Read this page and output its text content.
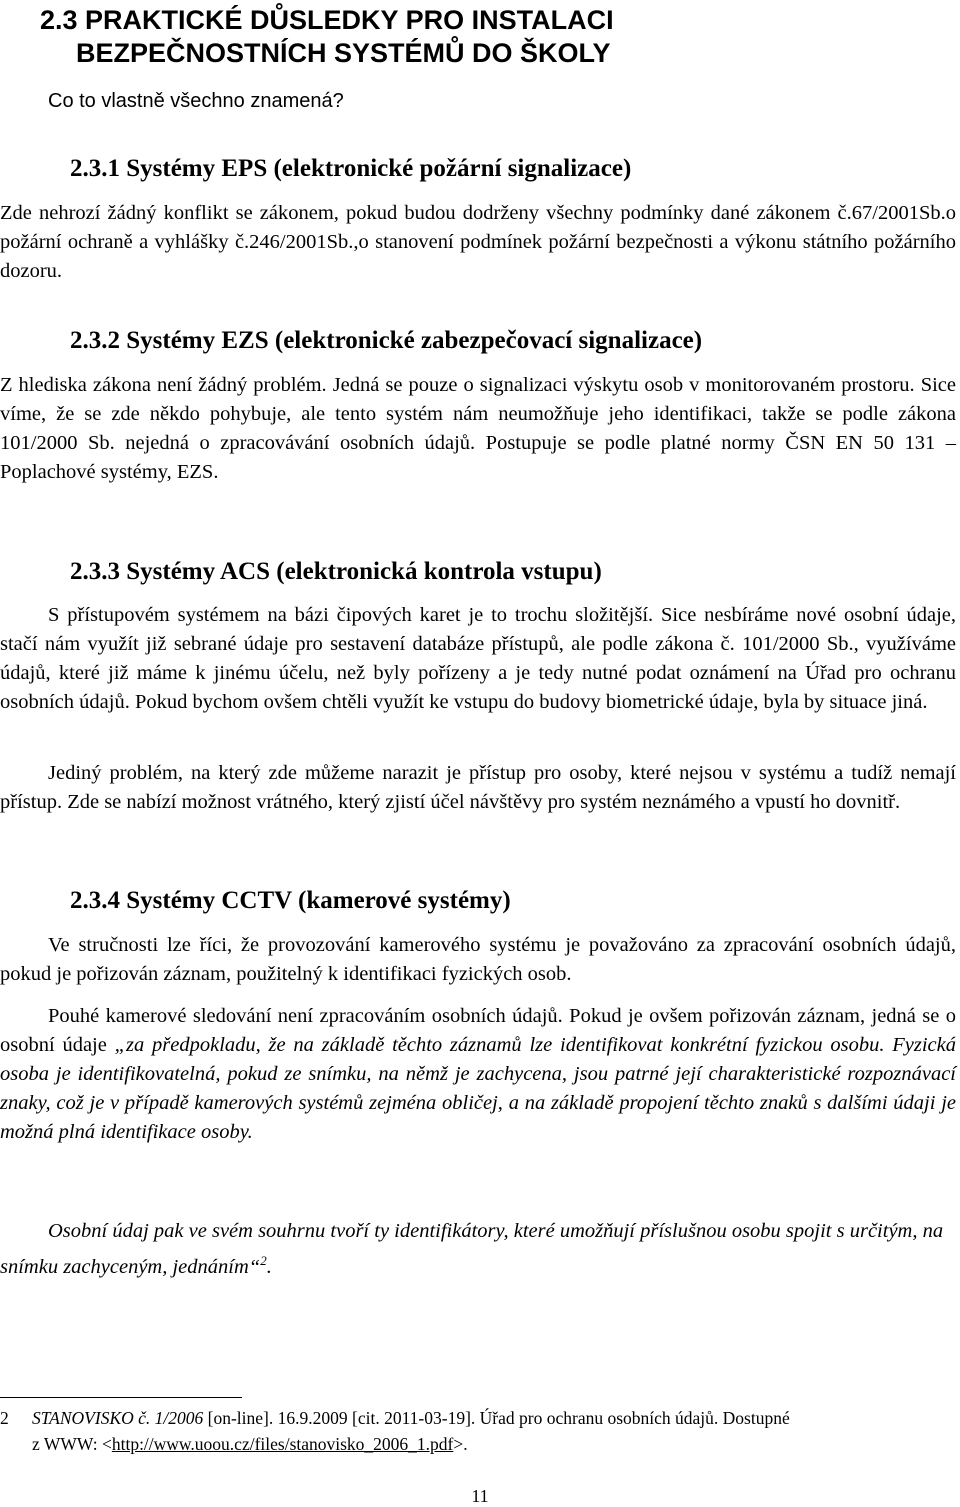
2.3 PRAKTICKÉ DŮSLEDKY PRO INSTALACI
BEZPEČNOSTNÍCH SYSTÉMŮ DO ŠKOLY

Co to vlastně všechno znamená?

2.3.1 Systémy EPS (elektronické požární signalizace)

Zde nehrozí žádný konflikt se zákonem, pokud budou dodrženy všechny podmínky dané zákonem č.67/2001Sb.o požární ochraně a vyhlášky č.246/2001Sb.,o stanovení podmínek požární bezpečnosti a výkonu státního požárního dozoru.

2.3.2 Systémy EZS (elektronické zabezpečovací signalizace)

Z hlediska zákona není žádný problém. Jedná se pouze o signalizaci výskytu osob v monitorovaném prostoru. Sice víme, že se zde někdo pohybuje, ale tento systém nám neumožňuje jeho identifikaci, takže se podle zákona 101/2000 Sb. nejedná o zpracovávání osobních údajů. Postupuje se podle platné normy ČSN EN 50 131 – Poplachové systémy, EZS.

2.3.3 Systémy ACS (elektronická kontrola vstupu)

S přístupovém systémem na bázi čipových karet je to trochu složitější. Sice nesbíráme nové osobní údaje, stačí nám využít již sebrané údaje pro sestavení databáze přístupů, ale podle zákona č. 101/2000 Sb., využíváme údajů, které již máme k jinému účelu, než byly pořízeny a je tedy nutné podat oznámení na Úřad pro ochranu osobních údajů. Pokud bychom ovšem chtěli využít ke vstupu do budovy biometrické údaje, byla by situace jiná.

Jediný problém, na který zde můžeme narazit je přístup pro osoby, které nejsou v systému a tudíž nemají přístup. Zde se nabízí možnost vrátného, který zjistí účel návštěvy pro systém neznámého a vpustí ho dovnitř.

2.3.4 Systémy CCTV (kamerové systémy)

Ve stručnosti lze říci, že provozování kamerového systému je považováno za zpracování osobních údajů, pokud je pořizován záznam, použitelný k identifikaci fyzických osob.

Pouhé kamerové sledování není zpracováním osobních údajů. Pokud je ovšem pořizován záznam, jedná se o osobní údaje „za předpokladu, že na základě těchto záznamů lze identifikovat konkrétní fyzickou osobu. Fyzická osoba je identifikovatelná, pokud ze snímku, na němž je zachycena, jsou patrné její charakteristické rozpoznávací znaky, což je v případě kamerových systémů zejména obličej, a na základě propojení těchto znaků s dalšími údaji je možná plná identifikace osoby.

Osobní údaj pak ve svém souhrnu tvoří ty identifikátory, které umožňují příslušnou osobu spojit s určitým, na snímku zachyceným, jednáním“$^2$.

2 STANOVISKO č. 1/2006 [on-line]. 16.9.2009 [cit. 2011-03-19]. Úřad pro ochranu osobních údajů. Dostupné
z WWW: <http://www.uoou.cz/files/stanovisko_2006_1.pdf>.

11
